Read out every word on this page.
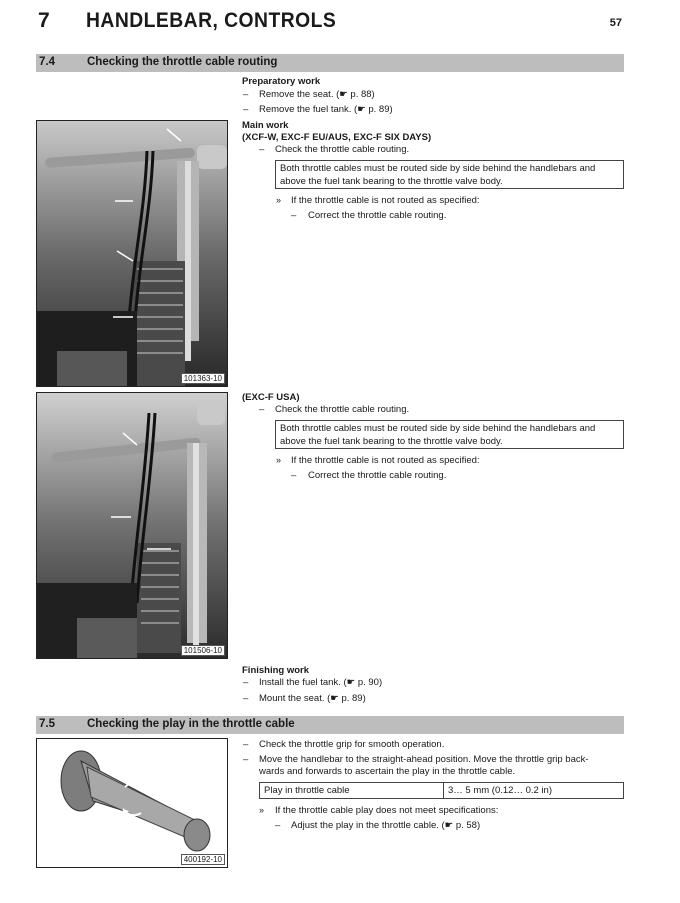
7 HANDLEBAR, CONTROLS	57
7.4	Checking the throttle cable routing
Preparatory work
– Remove the seat. (☛ p. 88)
– Remove the fuel tank. (☛ p. 89)
Main work
(XCF-W, EXC-F EU/AUS, EXC-F SIX DAYS)
– Check the throttle cable routing.
Both throttle cables must be routed side by side behind the handlebars and
above the fuel tank bearing to the throttle valve body.
» If the throttle cable is not routed as specified:
– Correct the throttle cable routing.
101363-10
(EXC-F USA)
– Check the throttle cable routing.
Both throttle cables must be routed side by side behind the handlebars and
above the fuel tank bearing to the throttle valve body.
» If the throttle cable is not routed as specified:
– Correct the throttle cable routing.
101506-10
Finishing work
– Install the fuel tank. (☛ p. 90)
– Mount the seat. (☛ p. 89)
7.5	Checking the play in the throttle cable
400192-10
– Check the throttle grip for smooth operation.
– Move the handlebar to the straight-ahead position. Move the throttle grip back-
wards and forwards to ascertain the play in the throttle cable.
Play in throttle cable	3… 5 mm (0.12… 0.2 in)
» If the throttle cable play does not meet specifications:
– Adjust the play in the throttle cable. (☛ p. 58)
